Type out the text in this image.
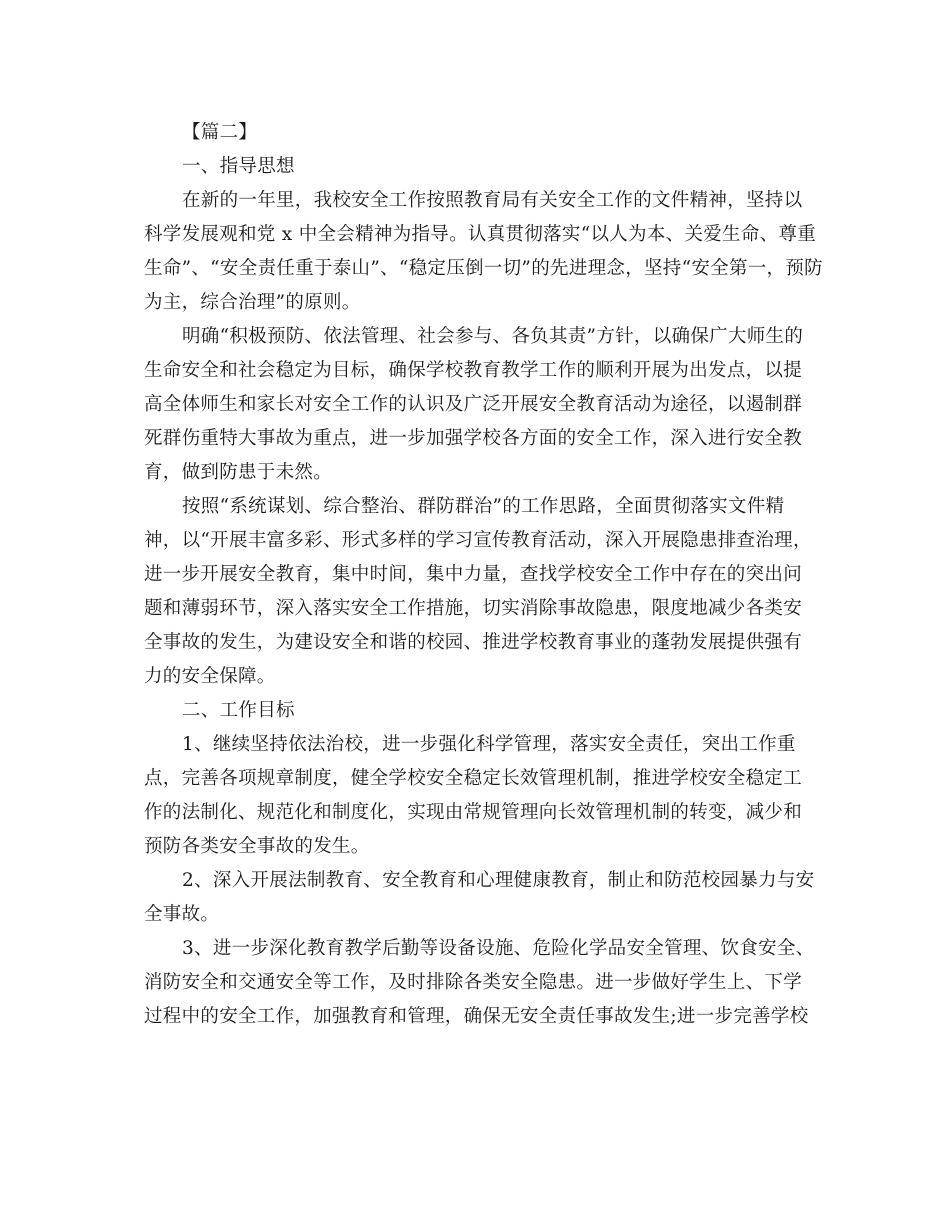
【篇二】
一、指导思想
在新的一年里，我校安全工作按照教育局有关安全工作的文件精神，坚持以
科学发展观和党 x 中全会精神为指导。认真贯彻落实“以人为本、关爱生命、尊重
生命”、“安全责任重于泰山”、“稳定压倒一切”的先进理念，坚持“安全第一，预防
为主，综合治理”的原则。
明确“积极预防、依法管理、社会参与、各负其责”方针，以确保广大师生的
生命安全和社会稳定为目标，确保学校教育教学工作的顺利开展为出发点，以提
高全体师生和家长对安全工作的认识及广泛开展安全教育活动为途径，以遏制群
死群伤重特大事故为重点，进一步加强学校各方面的安全工作，深入进行安全教
育，做到防患于未然。
按照“系统谋划、综合整治、群防群治”的工作思路，全面贯彻落实文件精
神，以“开展丰富多彩、形式多样的学习宣传教育活动，深入开展隐患排查治理，
进一步开展安全教育，集中时间，集中力量，查找学校安全工作中存在的突出问
题和薄弱环节，深入落实安全工作措施，切实消除事故隐患，限度地减少各类安
全事故的发生，为建设安全和谐的校园、推进学校教育事业的蓬勃发展提供强有
力的安全保障。
二、工作目标
1、继续坚持依法治校，进一步强化科学管理，落实安全责任，突出工作重
点，完善各项规章制度，健全学校安全稳定长效管理机制，推进学校安全稳定工
作的法制化、规范化和制度化，实现由常规管理向长效管理机制的转变，减少和
预防各类安全事故的发生。
2、深入开展法制教育、安全教育和心理健康教育，制止和防范校园暴力与安
全事故。
3、进一步深化教育教学后勤等设备设施、危险化学品安全管理、饮食安全、
消防安全和交通安全等工作，及时排除各类安全隐患。进一步做好学生上、下学
过程中的安全工作，加强教育和管理，确保无安全责任事故发生;进一步完善学校
